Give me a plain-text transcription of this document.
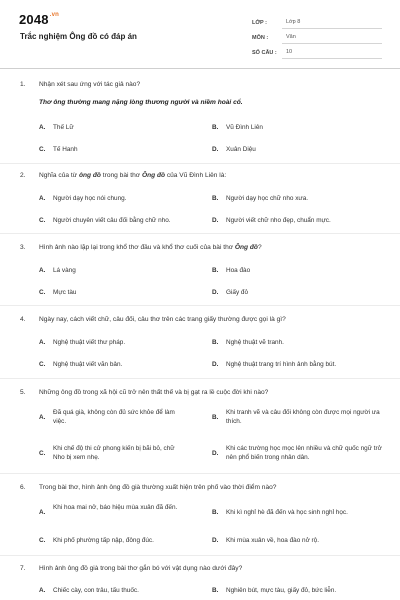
$2048^{.vn}$
Trắc nghiệm Ông đồ có đáp án
LỚP :	Lớp 8
MÔN :	Văn
SỐ CÂU :	10
1. Nhận xét sau ứng với tác giả nào?
Thơ ông thường mang nặng lòng thương người và niềm hoài cổ.
A. Thế Lữ	B. Vũ Đình Liên
C. Tế Hanh	D. Xuân Diệu
2. Nghĩa của từ ông đồ trong bài thơ Ông đồ của Vũ Đình Liên là:
A. Người dạy học nói chung.	B. Người dạy học chữ nho xưa.
C. Người chuyên viết câu đối bằng chữ nho.	D. Người viết chữ nho đẹp, chuẩn mực.
3. Hình ảnh nào lặp lại trong khổ thơ đầu và khổ thơ cuối của bài thơ Ông đồ?
A. Lá vàng	B. Hoa đào
C. Mực tàu	D. Giấy đỏ
4. Ngày nay, cách viết chữ, câu đối, câu thơ trên các trang giấy thường được gọi là gì?
A. Nghệ thuật viết thư pháp.	B. Nghệ thuật vẽ tranh.
C. Nghệ thuật viết văn bản.	D. Nghệ thuật trang trí hình ảnh bằng bút.
5. Những ông đồ trong xã hội cũ trở nên thất thế và bị gạt ra lề cuộc đời khi nào?
A.
Đã quá già, không còn đủ sức khỏe để làm việc.
B.
Khi tranh vẽ và câu đối không còn được mọi người ưa thích.
C.
Khi chế độ thi cử phong kiến bị bãi bỏ, chữ Nho bị xem nhẹ.
D.
Khi các trường học mọc lên nhiều và chữ quốc ngữ trở nên phổ biến trong nhân dân.
6. Trong bài thơ, hình ảnh ông đồ già thường xuất hiện trên phố vào thời điểm nào?
A.
Khi hoa mai nở, báo hiệu mùa xuân đã đến.
B. Khi kì nghỉ hè đã đến và học sinh nghỉ học.
C. Khi phố phường tấp nập, đông đúc.	D. Khi mùa xuân về, hoa đào nở rộ.
7. Hình ảnh ông đồ già trong bài thơ gắn bó với vật dụng nào dưới đây?
A. Chiếc cày, con trâu, tấu thuốc.	B. Nghiên bút, mực tàu, giấy đỏ, bức liễn.
